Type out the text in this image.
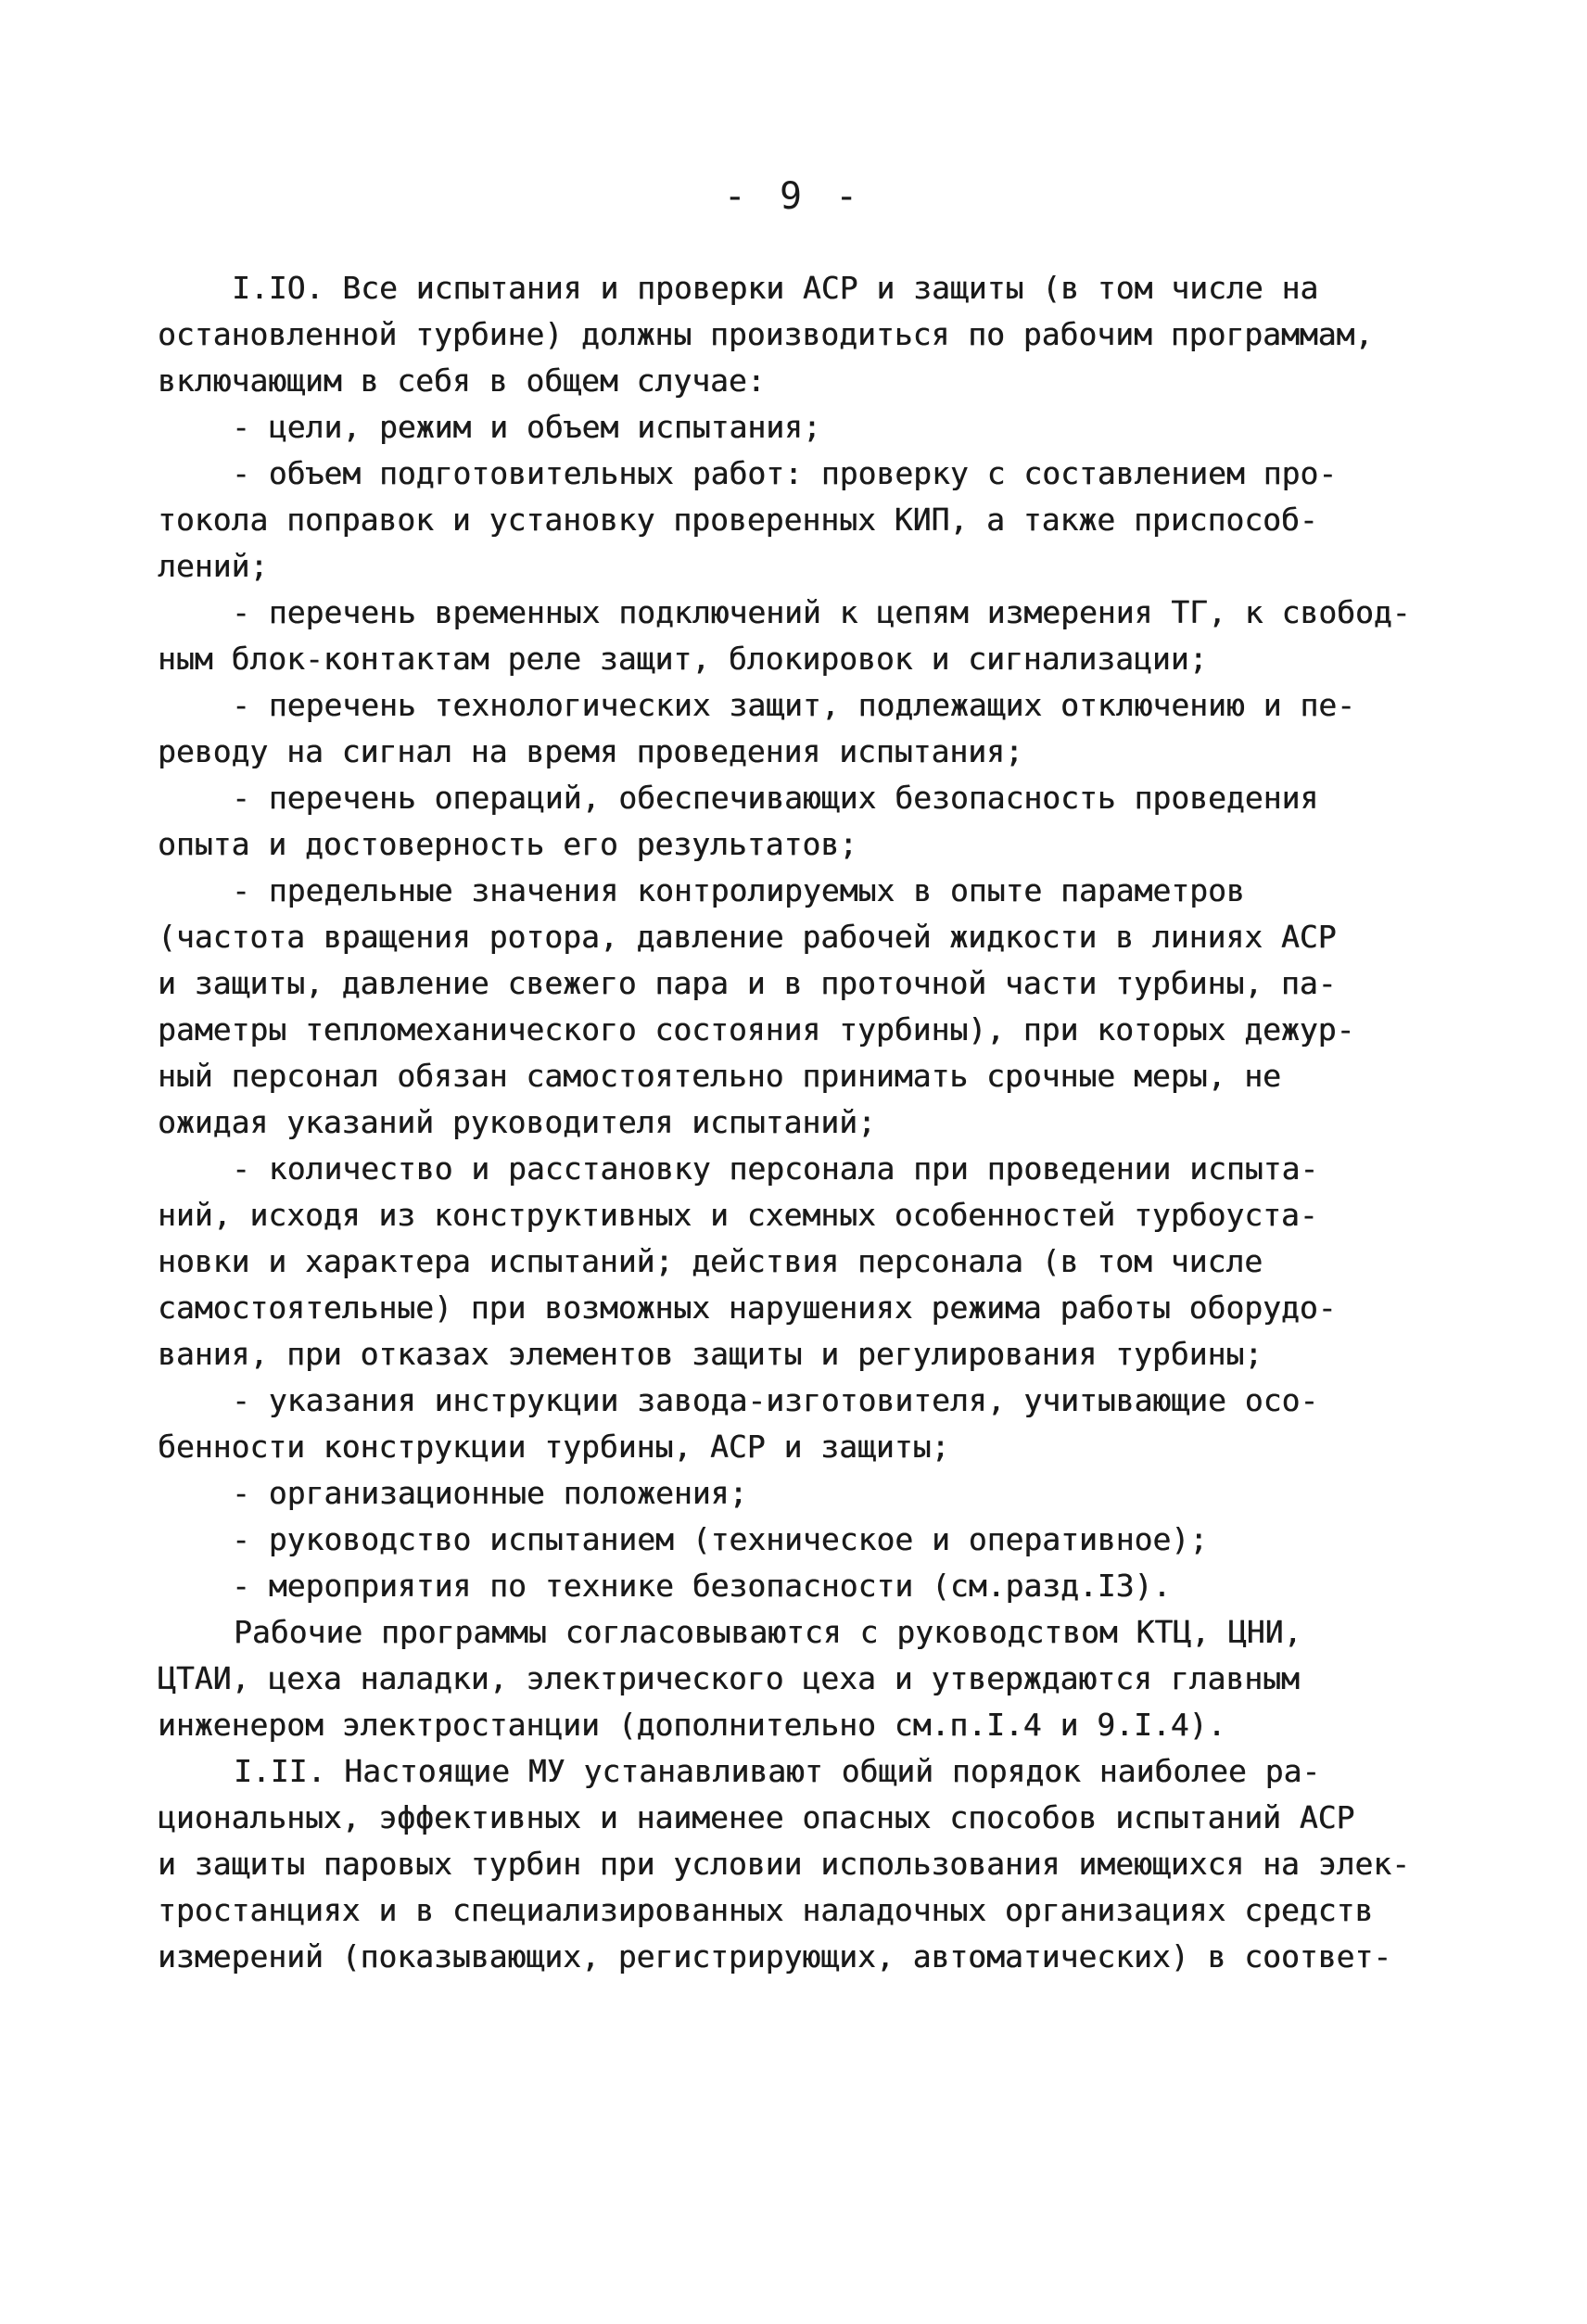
- 9 -
I.IO. Все испытания и проверки АСР и защиты (в том числе на
остановленной турбине) должны производиться по рабочим программам,
включающим в себя в общем случае:
- цели, режим и объем испытания;
- объем подготовительных работ: проверку с составлением про-
токола поправок и установку проверенных КИП, а также приспособ-
лений;
- перечень временных подключений к цепям измерения ТГ, к свобод-
ным блок-контактам реле защит, блокировок и сигнализации;
- перечень технологических защит, подлежащих отключению и пе-
реводу на сигнал на время проведения испытания;
- перечень операций, обеспечивающих безопасность проведения
опыта и достоверность его результатов;
- предельные значения контролируемых в опыте параметров
(частота вращения ротора, давление рабочей жидкости в линиях АСР
и защиты, давление свежего пара и в проточной части турбины, па-
раметры тепломеханического состояния турбины), при которых дежур-
ный персонал обязан самостоятельно принимать срочные меры, не
ожидая указаний руководителя испытаний;
- количество и расстановку персонала при проведении испыта-
ний, исходя из конструктивных и схемных особенностей турбоуста-
новки и характера испытаний; действия персонала (в том числе
самостоятельные) при возможных нарушениях режима работы оборудо-
вания, при отказах элементов защиты и регулирования турбины;
- указания инструкции завода-изготовителя, учитывающие осо-
бенности конструкции турбины, АСР и защиты;
- организационные положения;
- руководство испытанием (техническое и оперативное);
- мероприятия по технике безопасности (см.разд.I3).
Рабочие программы согласовываются с руководством КТЦ, ЦНИ,
ЦТАИ, цеха наладки, электрического цеха и утверждаются главным
инженером электростанции (дополнительно см.п.I.4 и 9.I.4).
I.II. Настоящие МУ устанавливают общий порядок наиболее ра-
циональных, эффективных и наименее опасных способов испытаний АСР
и защиты паровых турбин при условии использования имеющихся на элек-
тростанциях и в специализированных наладочных организациях средств
измерений (показывающих, регистрирующих, автоматических) в соответ-
